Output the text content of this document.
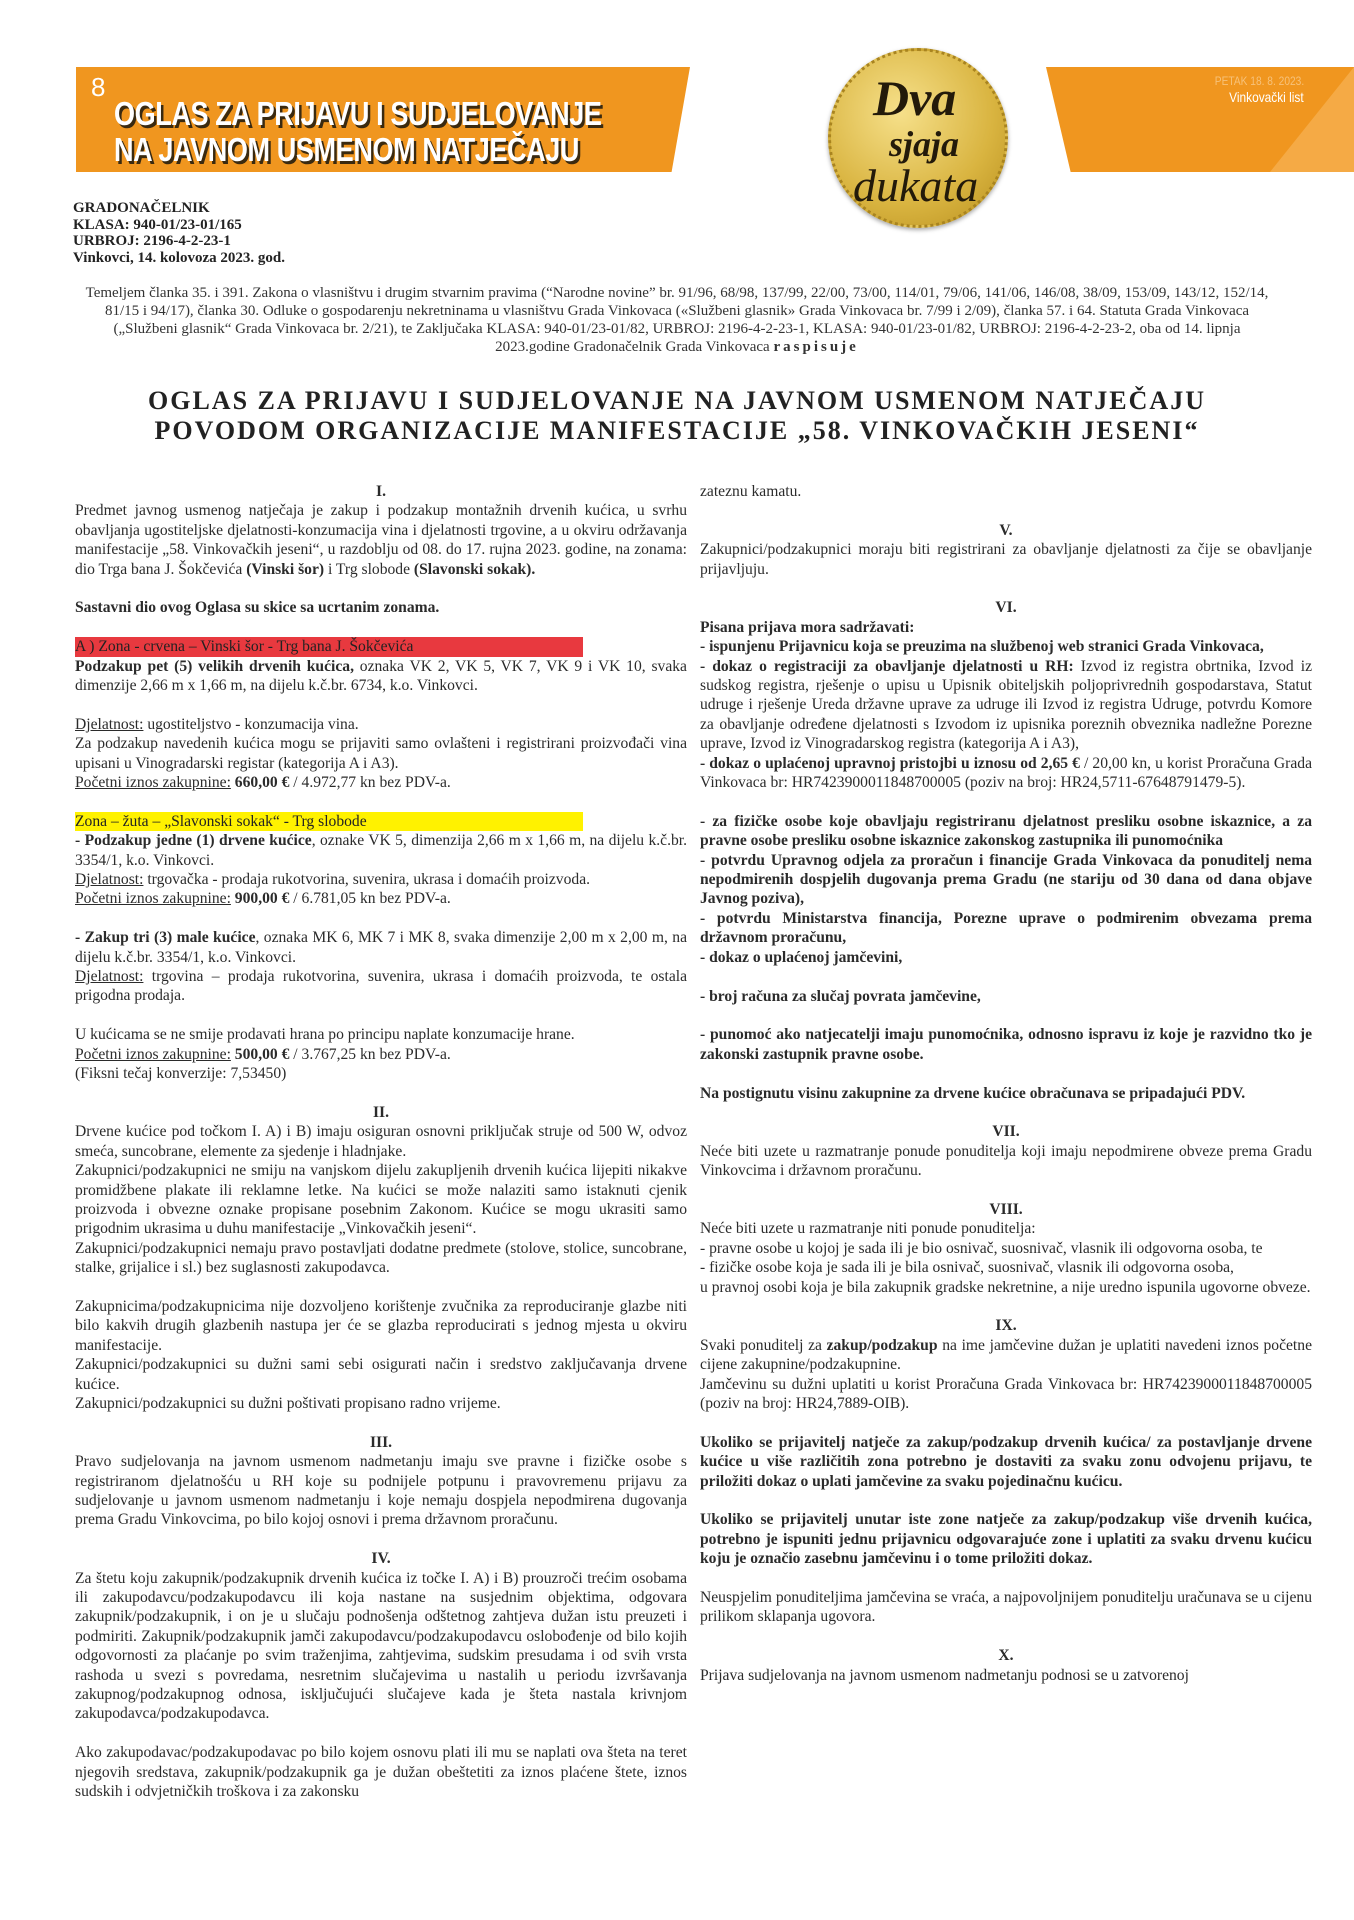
8
OGLAS ZA PRIJAVU I SUDJELOVANJE
NA JAVNOM USMENOM NATJEČAJU
PETAK 18. 8. 2023.
Vinkovački list
Dva
sjaja
dukata
GRADONAČELNIK
KLASA: 940-01/23-01/165
URBROJ: 2196-4-2-23-1
Vinkovci, 14. kolovoza 2023. god.
Temeljem članka 35. i 391. Zakona o vlasništvu i drugim stvarnim pravima (“Narodne novine” br. 91/96, 68/98, 137/99, 22/00, 73/00, 114/01, 79/06, 141/06, 146/08, 38/09, 153/09, 143/12, 152/14, 81/15 i 94/17), članka 30. Odluke o gospodarenju nekretninama u vlasništvu Grada Vinkovaca («Službeni glasnik» Grada Vinkovaca br. 7/99 i 2/09), članka 57. i 64. Statuta Grada Vinkovaca („Službeni glasnik“ Grada Vinkovaca br. 2/21), te Zaključaka KLASA: 940-01/23-01/82, URBROJ: 2196-4-2-23-1, KLASA: 940-01/23-01/82, URBROJ: 2196-4-2-23-2, oba od 14. lipnja 2023.godine Gradonačelnik Grada Vinkovaca raspisuje
OGLAS ZA PRIJAVU I SUDJELOVANJE NA JAVNOM USMENOM NATJEČAJU
POVODOM ORGANIZACIJE MANIFESTACIJE „58. VINKOVAČKIH JESENI“
I.
Predmet javnog usmenog natječaja je zakup i podzakup montažnih drvenih kućica, u svrhu obavljanja ugostiteljske djelatnosti-konzumacija vina i djelatnosti trgovine, a u okviru održavanja manifestacije „58. Vinkovačkih jeseni“, u razdoblju od 08. do 17. rujna 2023. godine, na zonama: dio Trga bana J. Šokčevića (Vinski šor) i Trg slobode (Slavonski sokak).
Sastavni dio ovog Oglasa su skice sa ucrtanim zonama.
A ) Zona - crvena – Vinski šor - Trg bana J. Šokčevića
Podzakup pet (5) velikih drvenih kućica, oznaka VK 2, VK 5, VK 7, VK 9 i VK 10, svaka dimenzije 2,66 m x 1,66 m, na dijelu k.č.br. 6734, k.o. Vinkovci.
Djelatnost: ugostiteljstvo - konzumacija vina.
Za podzakup navedenih kućica mogu se prijaviti samo ovlašteni i registrirani proizvođači vina upisani u Vinogradarski registar (kategorija A i A3).
Početni iznos zakupnine: 660,00 € / 4.972,77 kn bez PDV-a.
Zona – žuta – „Slavonski sokak“ - Trg slobode
- Podzakup jedne (1) drvene kućice, oznake VK 5, dimenzija 2,66 m x 1,66 m, na dijelu k.č.br. 3354/1, k.o. Vinkovci.
Djelatnost: trgovačka - prodaja rukotvorina, suvenira, ukrasa i domaćih proizvoda.
Početni iznos zakupnine: 900,00 € / 6.781,05 kn bez PDV-a.
- Zakup tri (3) male kućice, oznaka MK 6, MK 7 i MK 8, svaka dimenzije 2,00 m x 2,00 m, na dijelu k.č.br. 3354/1, k.o. Vinkovci.
Djelatnost: trgovina – prodaja rukotvorina, suvenira, ukrasa i domaćih proizvoda, te ostala prigodna prodaja.
U kućicama se ne smije prodavati hrana po principu naplate konzumacije hrane.
Početni iznos zakupnine: 500,00 € / 3.767,25 kn bez PDV-a.
(Fiksni tečaj konverzije: 7,53450)
II.
Drvene kućice pod točkom I. A) i B) imaju osiguran osnovni priključak struje od 500 W, odvoz smeća, suncobrane, elemente za sjedenje i hladnjake.
Zakupnici/podzakupnici ne smiju na vanjskom dijelu zakupljenih drvenih kućica lijepiti nikakve promidžbene plakate ili reklamne letke. Na kućici se može nalaziti samo istaknuti cjenik proizvoda i obvezne oznake propisane posebnim Zakonom. Kućice se mogu ukrasiti samo prigodnim ukrasima u duhu manifestacije „Vinkovačkih jeseni“.
Zakupnici/podzakupnici nemaju pravo postavljati dodatne predmete (stolove, stolice, suncobrane, stalke, grijalice i sl.) bez suglasnosti zakupodavca.
Zakupnicima/podzakupnicima nije dozvoljeno korištenje zvučnika za reproduciranje glazbe niti bilo kakvih drugih glazbenih nastupa jer će se glazba reproducirati s jednog mjesta u okviru manifestacije.
Zakupnici/podzakupnici su dužni sami sebi osigurati način i sredstvo zaključavanja drvene kućice.
Zakupnici/podzakupnici su dužni poštivati propisano radno vrijeme.
III.
Pravo sudjelovanja na javnom usmenom nadmetanju imaju sve pravne i fizičke osobe s registriranom djelatnošću u RH koje su podnijele potpunu i pravovremenu prijavu za sudjelovanje u javnom usmenom nadmetanju i koje nemaju dospjela nepodmirena dugovanja prema Gradu Vinkovcima, po bilo kojoj osnovi i prema državnom proračunu.
IV.
Za štetu koju zakupnik/podzakupnik drvenih kućica iz točke I. A) i B) prouzroči trećim osobama ili zakupodavcu/podzakupodavcu ili koja nastane na susjednim objektima, odgovara zakupnik/podzakupnik, i on je u slučaju podnošenja odštetnog zahtjeva dužan istu preuzeti i podmiriti. Zakupnik/podzakupnik jamči zakupodavcu/podzakupodavcu oslobođenje od bilo kojih odgovornosti za plaćanje po svim traženjima, zahtjevima, sudskim presudama i od svih vrsta rashoda u svezi s povredama, nesretnim slučajevima u nastalih u periodu izvršavanja zakupnog/podzakupnog odnosa, isključujući slučajeve kada je šteta nastala krivnjom zakupodavca/podzakupodavca.
Ako zakupodavac/podzakupodavac po bilo kojem osnovu plati ili mu se naplati ova šteta na teret njegovih sredstava, zakupnik/podzakupnik ga je dužan obeštetiti za iznos plaćene štete, iznos sudskih i odvjetničkih troškova i za zakonsku
zateznu kamatu.
V.
Zakupnici/podzakupnici moraju biti registrirani za obavljanje djelatnosti za čije se obavljanje prijavljuju.
VI.
Pisana prijava mora sadržavati:
- ispunjenu Prijavnicu koja se preuzima na službenoj web stranici Grada Vinkovaca,
- dokaz o registraciji za obavljanje djelatnosti u RH: Izvod iz registra obrtnika, Izvod iz sudskog registra, rješenje o upisu u Upisnik obiteljskih poljoprivrednih gospodarstava, Statut udruge i rješenje Ureda državne uprave za udruge ili Izvod iz registra Udruge, potvrdu Komore za obavljanje određene djelatnosti s Izvodom iz upisnika poreznih obveznika nadležne Porezne uprave, Izvod iz Vinogradarskog registra (kategorija A i A3),
- dokaz o uplaćenoj upravnoj pristojbi u iznosu od 2,65 € / 20,00 kn, u korist Proračuna Grada Vinkovaca br: HR7423900011848700005 (poziv na broj: HR24,5711-67648791479-5).
- za fizičke osobe koje obavljaju registriranu djelatnost presliku osobne iskaznice, a za pravne osobe presliku osobne iskaznice zakonskog zastupnika ili punomoćnika
- potvrdu Upravnog odjela za proračun i financije Grada Vinkovaca da ponuditelj nema nepodmirenih dospjelih dugovanja prema Gradu (ne stariju od 30 dana od dana objave Javnog poziva),
- potvrdu Ministarstva financija, Porezne uprave o podmirenim obvezama prema državnom proračunu,
- dokaz o uplaćenoj jamčevini,
- broj računa za slučaj povrata jamčevine,
- punomoć ako natjecatelji imaju punomoćnika, odnosno ispravu iz koje je razvidno tko je zakonski zastupnik pravne osobe.
Na postignutu visinu zakupnine za drvene kućice obračunava se pripadajući PDV.
VII.
Neće biti uzete u razmatranje ponude ponuditelja koji imaju nepodmirene obveze prema Gradu Vinkovcima i državnom proračunu.
VIII.
Neće biti uzete u razmatranje niti ponude ponuditelja:
- pravne osobe u kojoj je sada ili je bio osnivač, suosnivač, vlasnik ili odgovorna osoba, te
- fizičke osobe koja je sada ili je bila osnivač, suosnivač, vlasnik ili odgovorna osoba,
u pravnoj osobi koja je bila zakupnik gradske nekretnine, a nije uredno ispunila ugovorne obveze.
IX.
Svaki ponuditelj za zakup/podzakup na ime jamčevine dužan je uplatiti navedeni iznos početne cijene zakupnine/podzakupnine.
Jamčevinu su dužni uplatiti u korist Proračuna Grada Vinkovaca br: HR7423900011848700005 (poziv na broj: HR24,7889-OIB).
Ukoliko se prijavitelj natječe za zakup/podzakup drvenih kućica/ za postavljanje drvene kućice u više različitih zona potrebno je dostaviti za svaku zonu odvojenu prijavu, te priložiti dokaz o uplati jamčevine za svaku pojedinačnu kućicu.
Ukoliko se prijavitelj unutar iste zone natječe za zakup/podzakup više drvenih kućica, potrebno je ispuniti jednu prijavnicu odgovarajuće zone i uplatiti za svaku drvenu kućicu koju je označio zasebnu jamčevinu i o tome priložiti dokaz.
Neuspjelim ponuditeljima jamčevina se vraća, a najpovoljnijem ponuditelju uračunava se u cijenu prilikom sklapanja ugovora.
X.
Prijava sudjelovanja na javnom usmenom nadmetanju podnosi se u zatvorenoj
